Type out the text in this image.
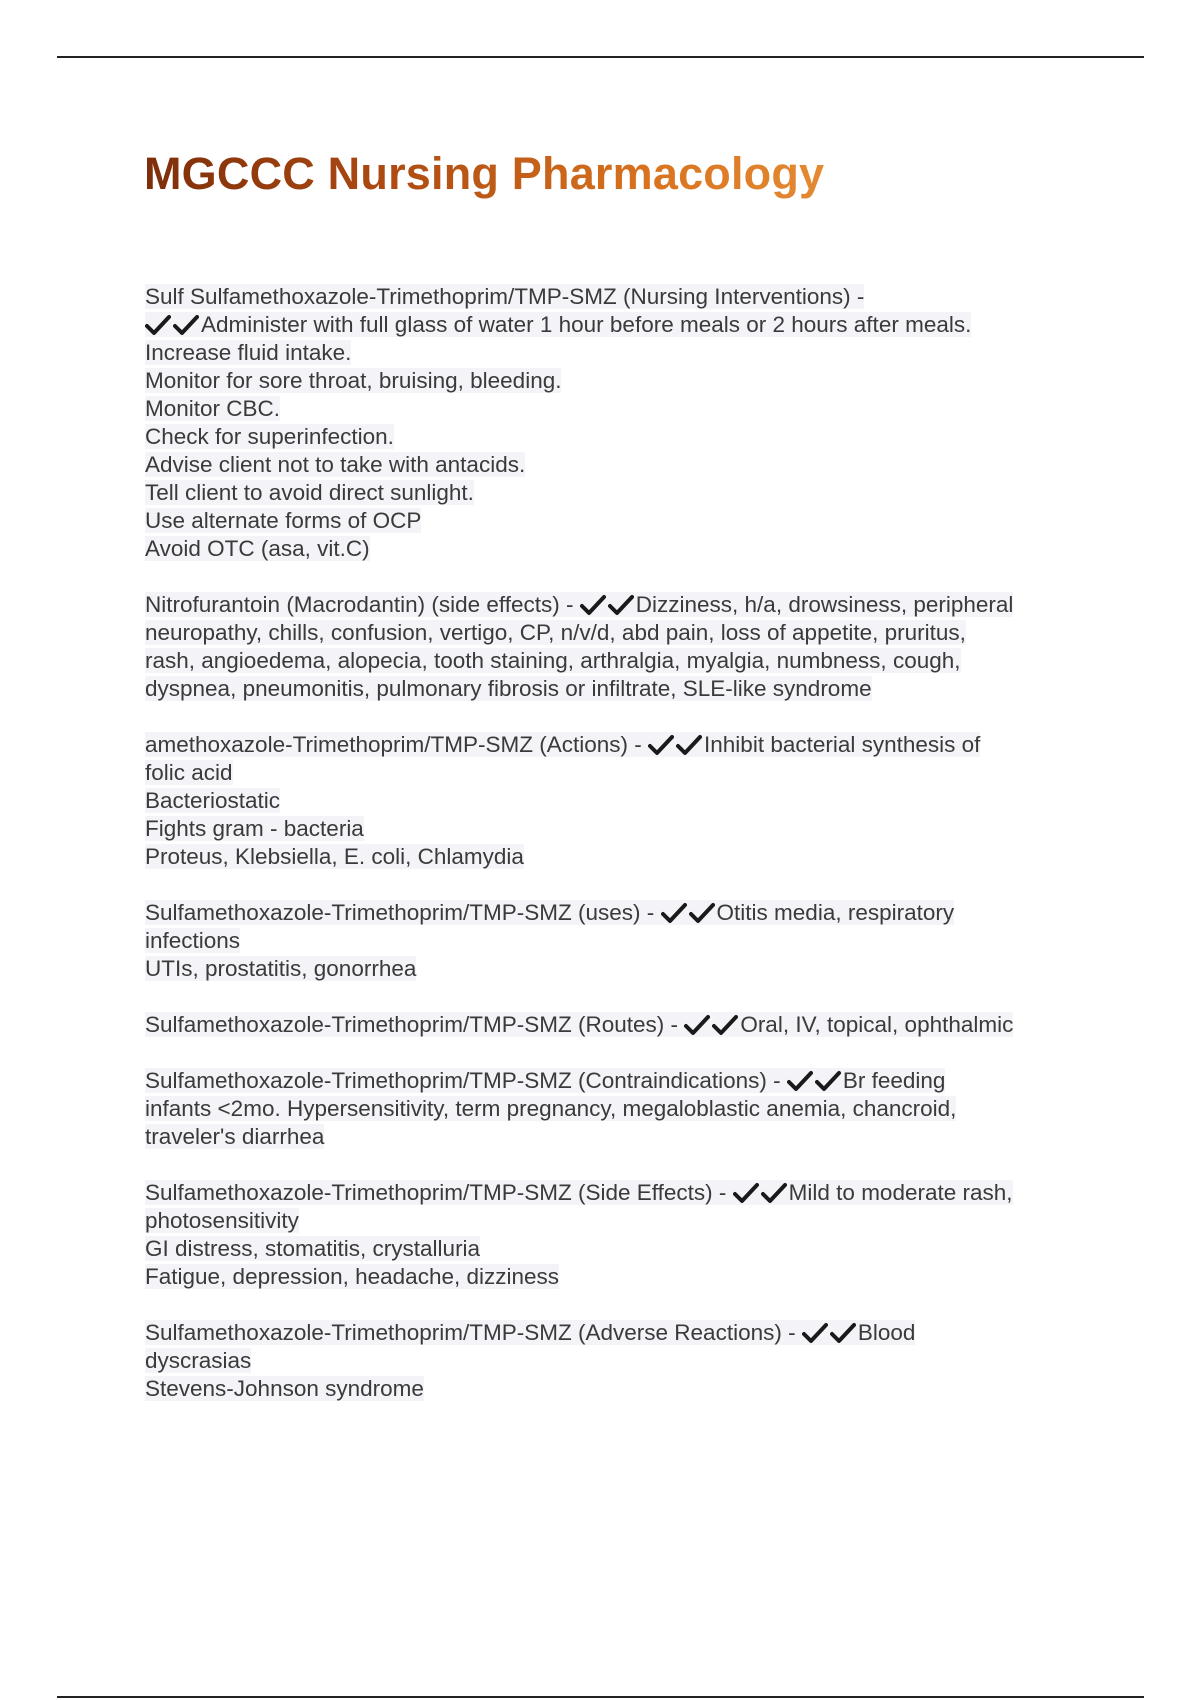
MGCCC Nursing Pharmacology
Sulf Sulfamethoxazole-Trimethoprim/TMP-SMZ (Nursing Interventions) -
Administer with full glass of water 1 hour before meals or 2 hours after meals.
Increase fluid intake.
Monitor for sore throat, bruising, bleeding.
Monitor CBC.
Check for superinfection.
Advise client not to take with antacids.
Tell client to avoid direct sunlight.
Use alternate forms of OCP
Avoid OTC (asa, vit.C)
Nitrofurantoin (Macrodantin) (side effects) -	Dizziness, h/a, drowsiness, peripheral
neuropathy, chills, confusion, vertigo, CP, n/v/d, abd pain, loss of appetite, pruritus,
rash, angioedema, alopecia, tooth staining, arthralgia, myalgia, numbness, cough,
dyspnea, pneumonitis, pulmonary fibrosis or infiltrate, SLE-like syndrome
amethoxazole-Trimethoprim/TMP-SMZ (Actions) -	Inhibit bacterial synthesis of
folic acid
Bacteriostatic
Fights gram - bacteria
Proteus, Klebsiella, E. coli, Chlamydia
Sulfamethoxazole-Trimethoprim/TMP-SMZ (uses) -	Otitis media, respiratory
infections
UTIs, prostatitis, gonorrhea
Sulfamethoxazole-Trimethoprim/TMP-SMZ (Routes) -	Oral, IV, topical, ophthalmic
Sulfamethoxazole-Trimethoprim/TMP-SMZ (Contraindications) -	Br feeding
infants <2mo. Hypersensitivity, term pregnancy, megaloblastic anemia, chancroid,
traveler's diarrhea
Sulfamethoxazole-Trimethoprim/TMP-SMZ (Side Effects) -	Mild to moderate rash,
photosensitivity
GI distress, stomatitis, crystalluria
Fatigue, depression, headache, dizziness
Sulfamethoxazole-Trimethoprim/TMP-SMZ (Adverse Reactions) -	Blood
dyscrasias
Stevens-Johnson syndrome
